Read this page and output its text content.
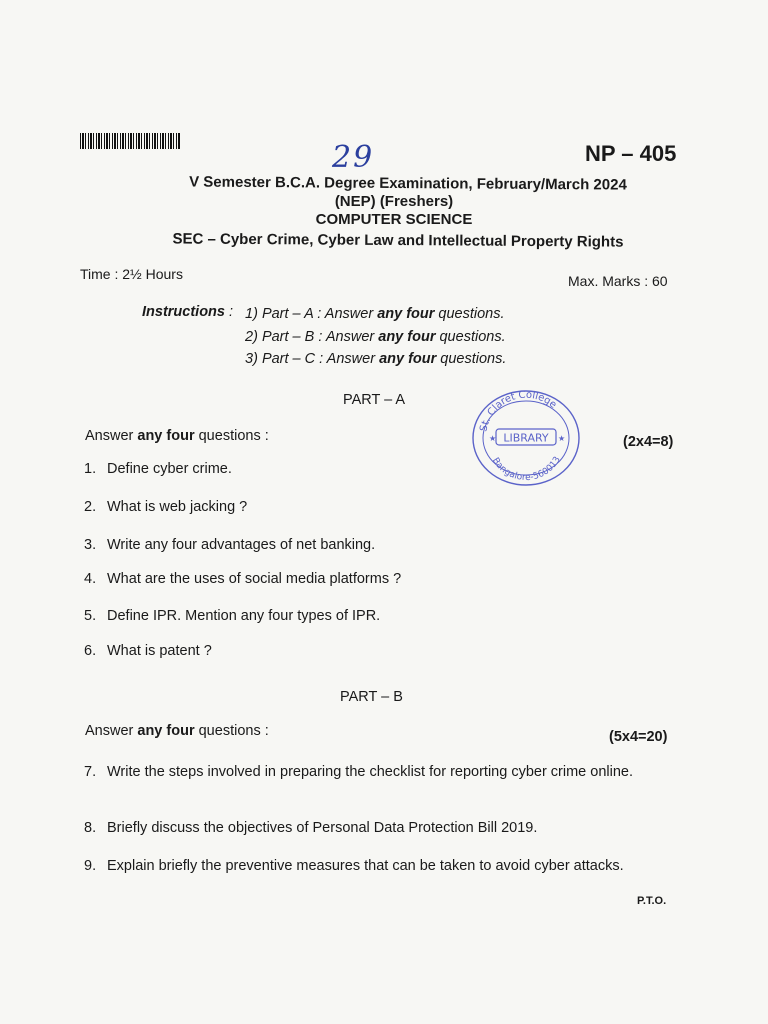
29	NP – 405
V Semester B.C.A. Degree Examination, February/March 2024
(NEP) (Freshers)
COMPUTER SCIENCE
SEC – Cyber Crime, Cyber Law and Intellectual Property Rights
Time : 2½ Hours	Max. Marks : 60
Instructions : 1) Part – A : Answer any four questions.
2) Part – B : Answer any four questions.
3) Part – C : Answer any four questions.
PART – A
Answer any four questions :	(2x4=8)
1. Define cyber crime.
2. What is web jacking ?
3. Write any four advantages of net banking.
4. What are the uses of social media platforms ?
5. Define IPR. Mention any four types of IPR.
6. What is patent ?
PART – B
Answer any four questions :	(5x4=20)
7. Write the steps involved in preparing the checklist for reporting cyber crime online.
8. Briefly discuss the objectives of Personal Data Protection Bill 2019.
9. Explain briefly the preventive measures that can be taken to avoid cyber attacks.
P.T.O.
St. Claret College
LIBRARY
★	★
Bangalore-560013
